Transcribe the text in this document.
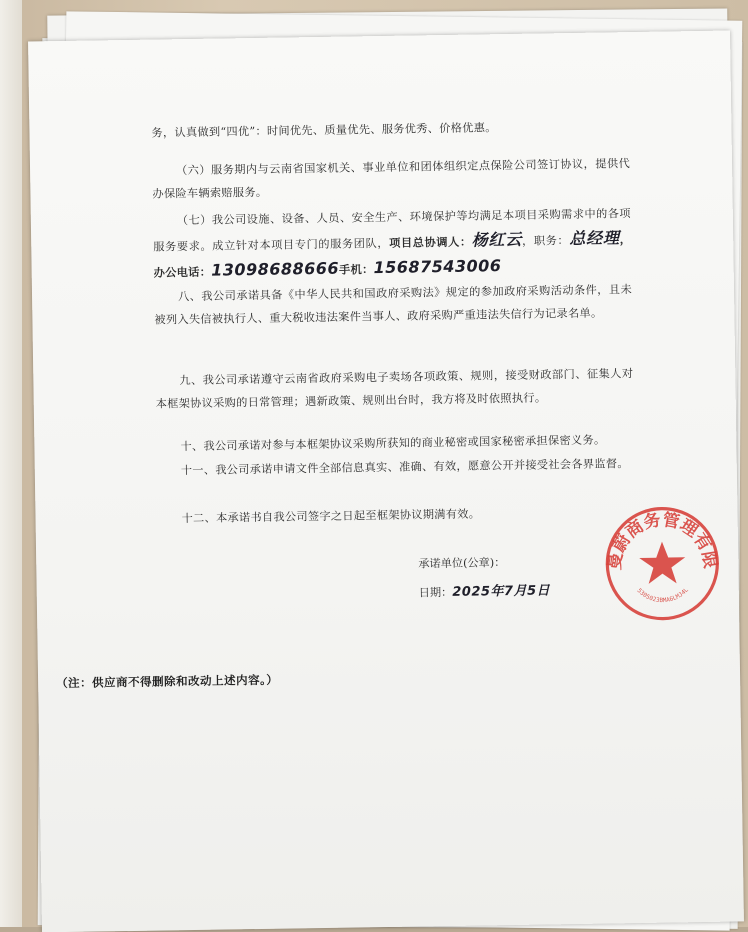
务，认真做到“四优”：时间优先、质量优先、服务优秀、价格优惠。
（六）服务期内与云南省国家机关、事业单位和团体组织定点保险公司签订协议，提供代办保险车辆索赔服务。
（七）我公司设施、设备、人员、安全生产、环境保护等均满足本项目采购需求中的各项服务要求。成立针对本项目专门的服务团队，项目总协调人：杨红云，职务：总经理，办公电话：13098688666手机：15687543006
八、我公司承诺具备《中华人民共和国政府采购法》规定的参加政府采购活动条件，且未被列入失信被执行人、重大税收违法案件当事人、政府采购严重违法失信行为记录名单。
九、我公司承诺遵守云南省政府采购电子卖场各项政策、规则，接受财政部门、征集人对本框架协议采购的日常管理；遇新政策、规则出台时，我方将及时依照执行。
十、我公司承诺对参与本框架协议采购所获知的商业秘密或国家秘密承担保密义务。
十一、我公司承诺申请文件全部信息真实、准确、有效，愿意公开并接受社会各界监督。
十二、本承诺书自我公司签字之日起至框架协议期满有效。
承诺单位(公章)：
日期：2025年7月5日
保山曼蔚商务管理有限公司
5305023BMA6LMJ4L
（注：供应商不得删除和改动上述内容。）
